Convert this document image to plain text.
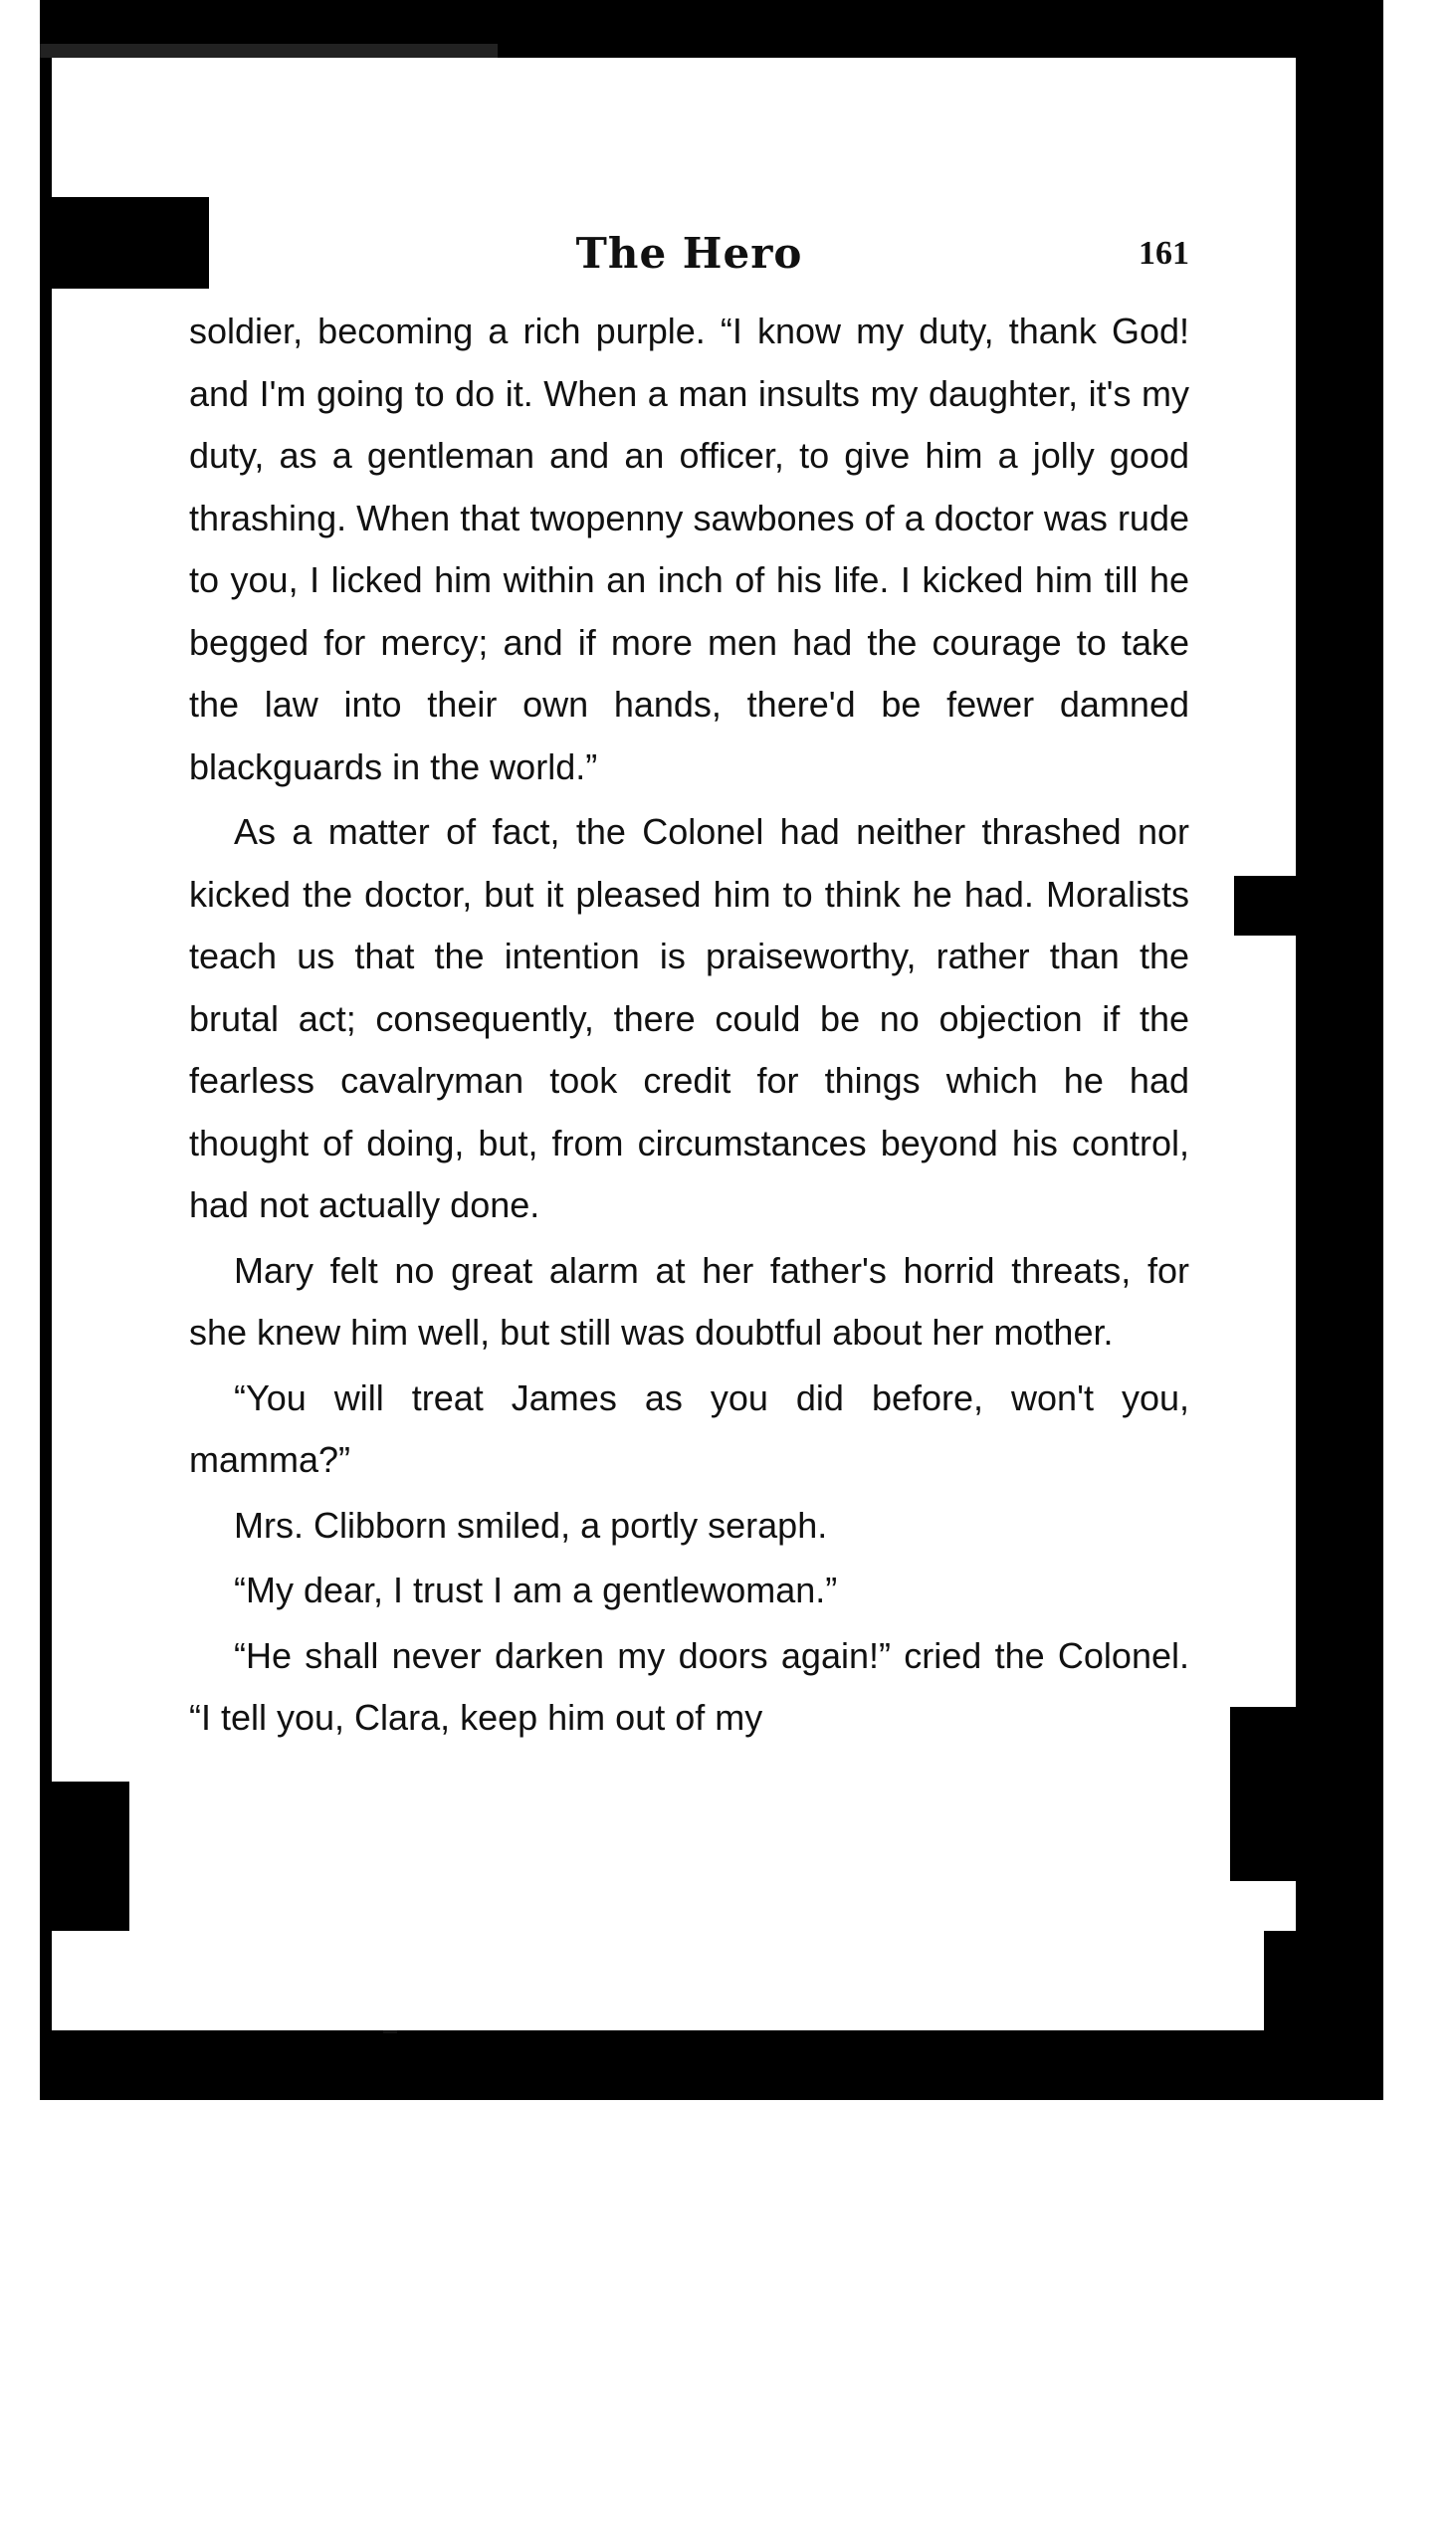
The Hero	161

soldier, becoming a rich purple. “I know my duty, thank God! and I'm going to do it. When a man insults my daughter, it's my duty, as a gentleman and an officer, to give him a jolly good thrashing. When that twopenny sawbones of a doctor was rude to you, I licked him within an inch of his life. I kicked him till he begged for mercy; and if more men had the courage to take the law into their own hands, there'd be fewer damned blackguards in the world.”

As a matter of fact, the Colonel had neither thrashed nor kicked the doctor, but it pleased him to think he had. Moralists teach us that the intention is praiseworthy, rather than the brutal act; consequently, there could be no objection if the fearless cavalryman took credit for things which he had thought of doing, but, from circumstances beyond his control, had not actually done.

Mary felt no great alarm at her father's horrid threats, for she knew him well, but still was doubtful about her mother.

“You will treat James as you did before, won't you, mamma?”

Mrs. Clibborn smiled, a portly seraph.

“My dear, I trust I am a gentlewoman.”

“He shall never darken my doors again!” cried the Colonel. “I tell you, Clara, keep him out of my
